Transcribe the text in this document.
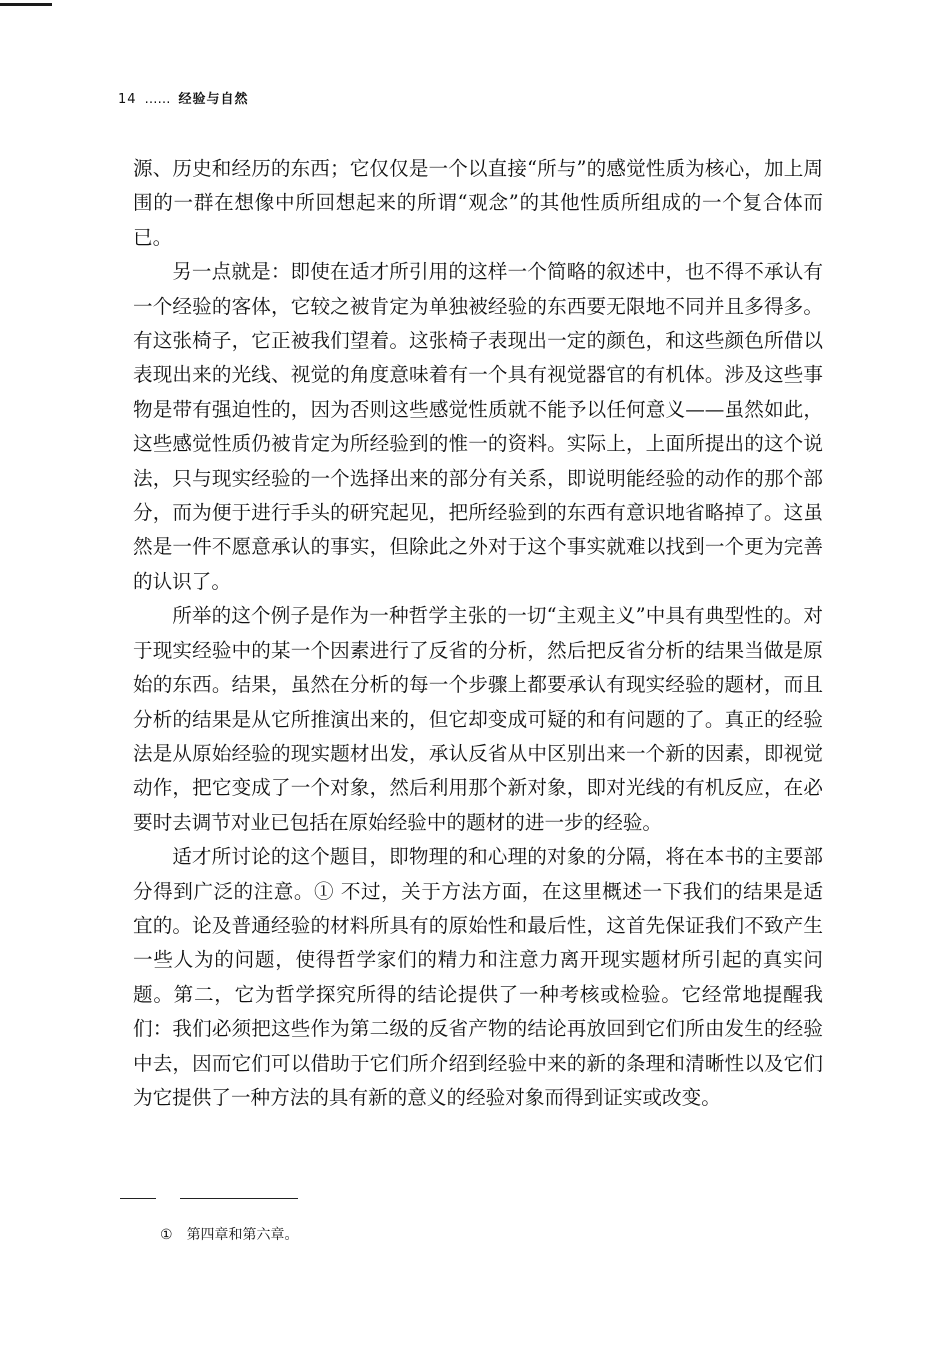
14 …… 经验与自然

源、历史和经历的东西；它仅仅是一个以直接“所与”的感觉性质为核心，加上周围的一群在想像中所回想起来的所谓“观念”的其他性质所组成的一个复合体而已。

另一点就是：即使在适才所引用的这样一个简略的叙述中，也不得不承认有一个经验的客体，它较之被肯定为单独被经验的东西要无限地不同并且多得多。有这张椅子，它正被我们望着。这张椅子表现出一定的颜色，和这些颜色所借以表现出来的光线、视觉的角度意味着有一个具有视觉器官的有机体。涉及这些事物是带有强迫性的，因为否则这些感觉性质就不能予以任何意义——虽然如此，这些感觉性质仍被肯定为所经验到的惟一的资料。实际上，上面所提出的这个说法，只与现实经验的一个选择出来的部分有关系，即说明能经验的动作的那个部分，而为便于进行手头的研究起见，把所经验到的东西有意识地省略掉了。这虽然是一件不愿意承认的事实，但除此之外对于这个事实就难以找到一个更为完善的认识了。

所举的这个例子是作为一种哲学主张的一切“主观主义”中具有典型性的。对于现实经验中的某一个因素进行了反省的分析，然后把反省分析的结果当做是原始的东西。结果，虽然在分析的每一个步骤上都要承认有现实经验的题材，而且分析的结果是从它所推演出来的，但它却变成可疑的和有问题的了。真正的经验法是从原始经验的现实题材出发，承认反省从中区别出来一个新的因素，即视觉动作，把它变成了一个对象，然后利用那个新对象，即对光线的有机反应，在必要时去调节对业已包括在原始经验中的题材的进一步的经验。

适才所讨论的这个题目，即物理的和心理的对象的分隔，将在本书的主要部分得到广泛的注意。① 不过，关于方法方面，在这里概述一下我们的结果是适宜的。论及普通经验的材料所具有的原始性和最后性，这首先保证我们不致产生一些人为的问题，使得哲学家们的精力和注意力离开现实题材所引起的真实问题。第二，它为哲学探究所得的结论提供了一种考核或检验。它经常地提醒我们：我们必须把这些作为第二级的反省产物的结论再放回到它们所由发生的经验中去，因而它们可以借助于它们所介绍到经验中来的新的条理和清晰性以及它们为它提供了一种方法的具有新的意义的经验对象而得到证实或改变。

① 第四章和第六章。
